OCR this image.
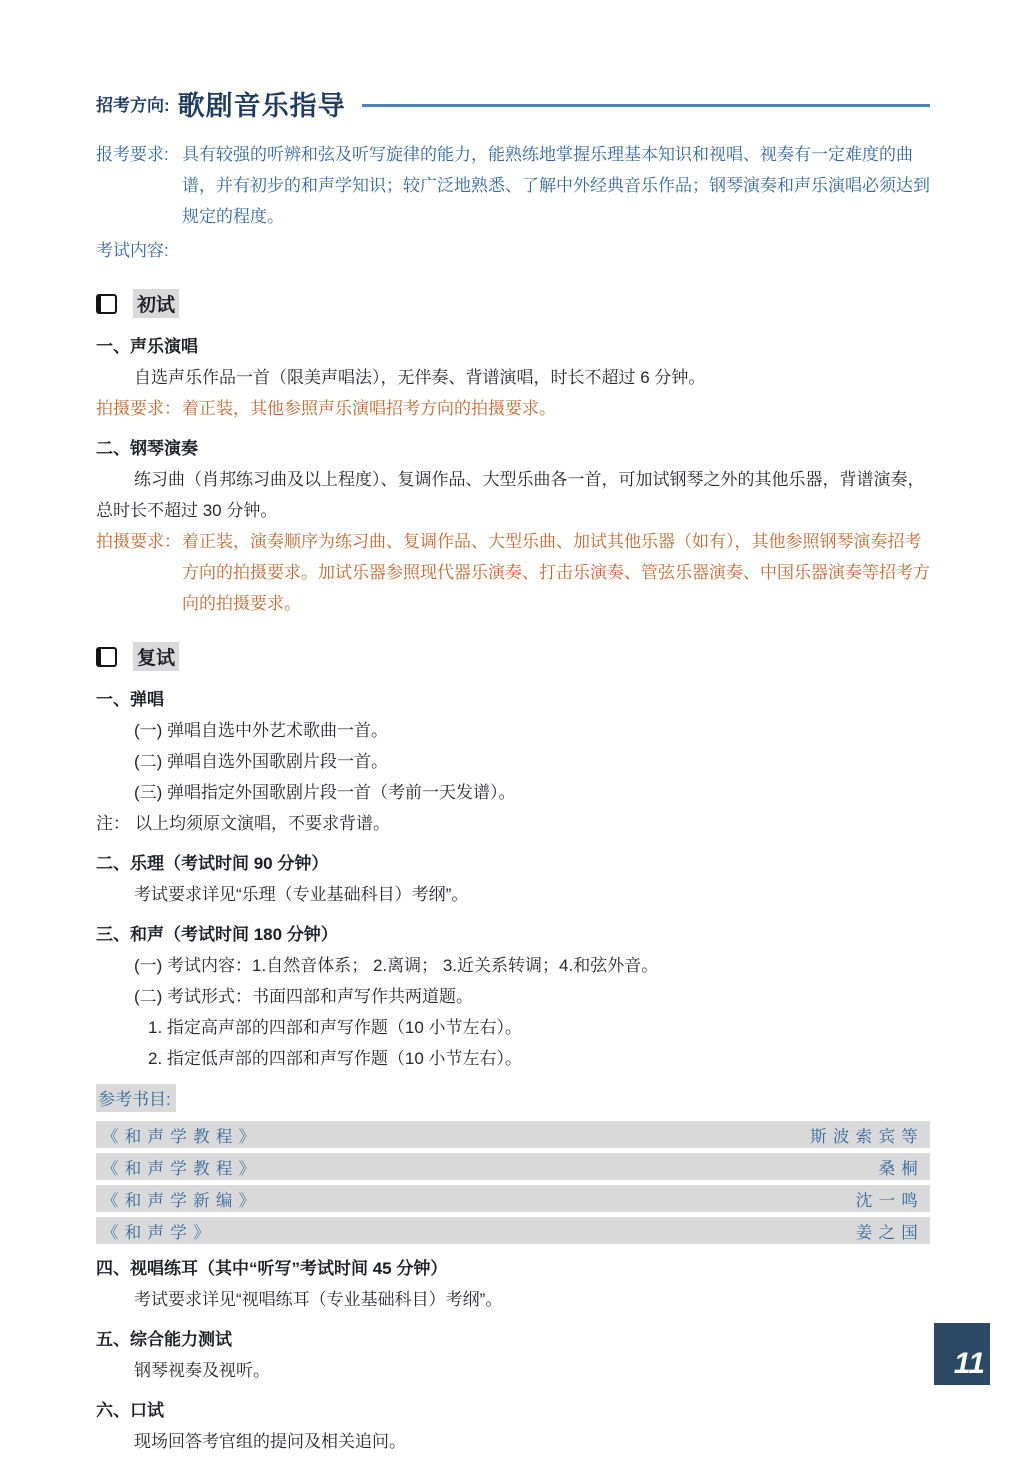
招考方向: 歌剧音乐指导
报考要求: 具有较强的听辨和弦及听写旋律的能力，能熟练地掌握乐理基本知识和视唱、视奏有一定难度的曲谱，并有初步的和声学知识；较广泛地熟悉、了解中外经典音乐作品；钢琴演奏和声乐演唱必须达到规定的程度。
考试内容:
初试
一、声乐演唱

自选声乐作品一首（限美声唱法），无伴奏、背谱演唱，时长不超过 6 分钟。

拍摄要求： 着正装，其他参照声乐演唱招考方向的拍摄要求。
二、钢琴演奏

练习曲（肖邦练习曲及以上程度）、复调作品、大型乐曲各一首，可加试钢琴之外的其他乐器，背谱演奏，总时长不超过 30 分钟。

拍摄要求： 着正装，演奏顺序为练习曲、复调作品、大型乐曲、加试其他乐器（如有），其他参照钢琴演奏招考方向的拍摄要求。加试乐器参照现代器乐演奏、打击乐演奏、管弦乐器演奏、中国乐器演奏等招考方向的拍摄要求。
复试
一、弹唱

(一) 弹唱自选中外艺术歌曲一首。

(二) 弹唱自选外国歌剧片段一首。

(三) 弹唱指定外国歌剧片段一首（考前一天发谱）。

注： 以上均须原文演唱，不要求背谱。
二、乐理（考试时间 90 分钟）

考试要求详见“乐理（专业基础科目）考纲”。

三、和声（考试时间 180 分钟）

(一) 考试内容：1.自然音体系； 2.离调； 3.近关系转调；4.和弦外音。

(二) 考试形式：书面四部和声写作共两道题。

1. 指定高声部的四部和声写作题（10 小节左右）。

2. 指定低声部的四部和声写作题（10 小节左右）。

参考书目:
《和声学教程》	斯波索宾等
《和声学教程》	桑桐
《和声学新编》	沈一鸣
《和声学》	姜之国
四、视唱练耳（其中“听写”考试时间 45 分钟）

考试要求详见“视唱练耳（专业基础科目）考纲”。

五、综合能力测试

钢琴视奏及视听。

六、口试

现场回答考官组的提问及相关追问。

11
